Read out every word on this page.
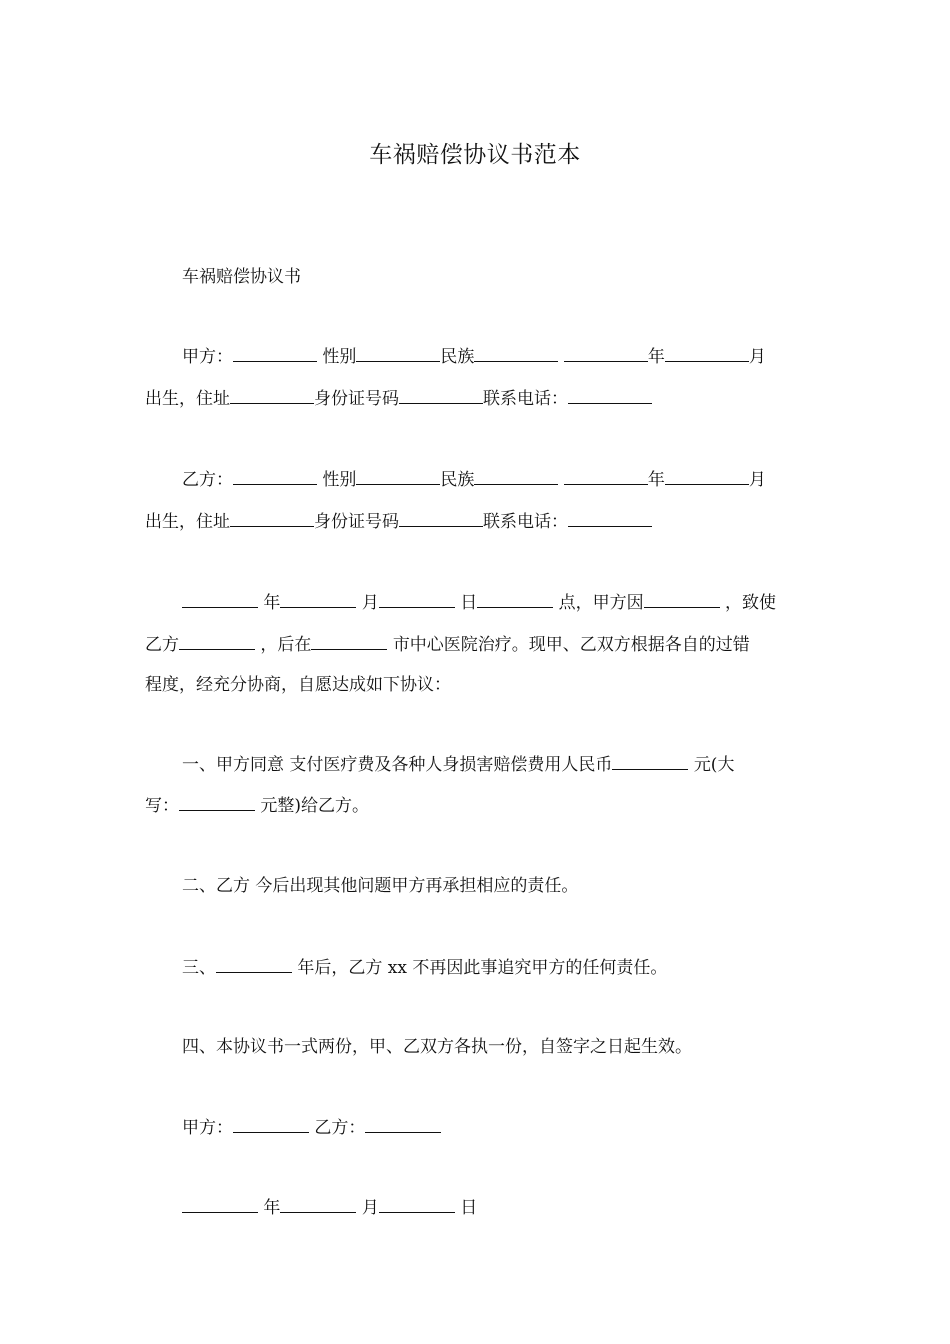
车祸赔偿协议书范本
车祸赔偿协议书
甲方：	性别	民族	年	月
出生，住址	身份证号码	联系电话：
乙方：	性别	民族	年	月
出生，住址	身份证号码	联系电话：
年	月	日	点，甲方因	，致使
乙方	，后在	市中心医院治疗。现甲、乙双方根据各自的过错
程度，经充分协商，自愿达成如下协议：
一、甲方同意 支付医疗费及各种人身损害赔偿费用人民币	元(大
写：	元整)给乙方。
二、乙方 今后出现其他问题甲方再承担相应的责任。
三、	年后，乙方 xx 不再因此事追究甲方的任何责任。
四、本协议书一式两份，甲、乙双方各执一份，自签字之日起生效。
甲方：	乙方：
年	月	日
